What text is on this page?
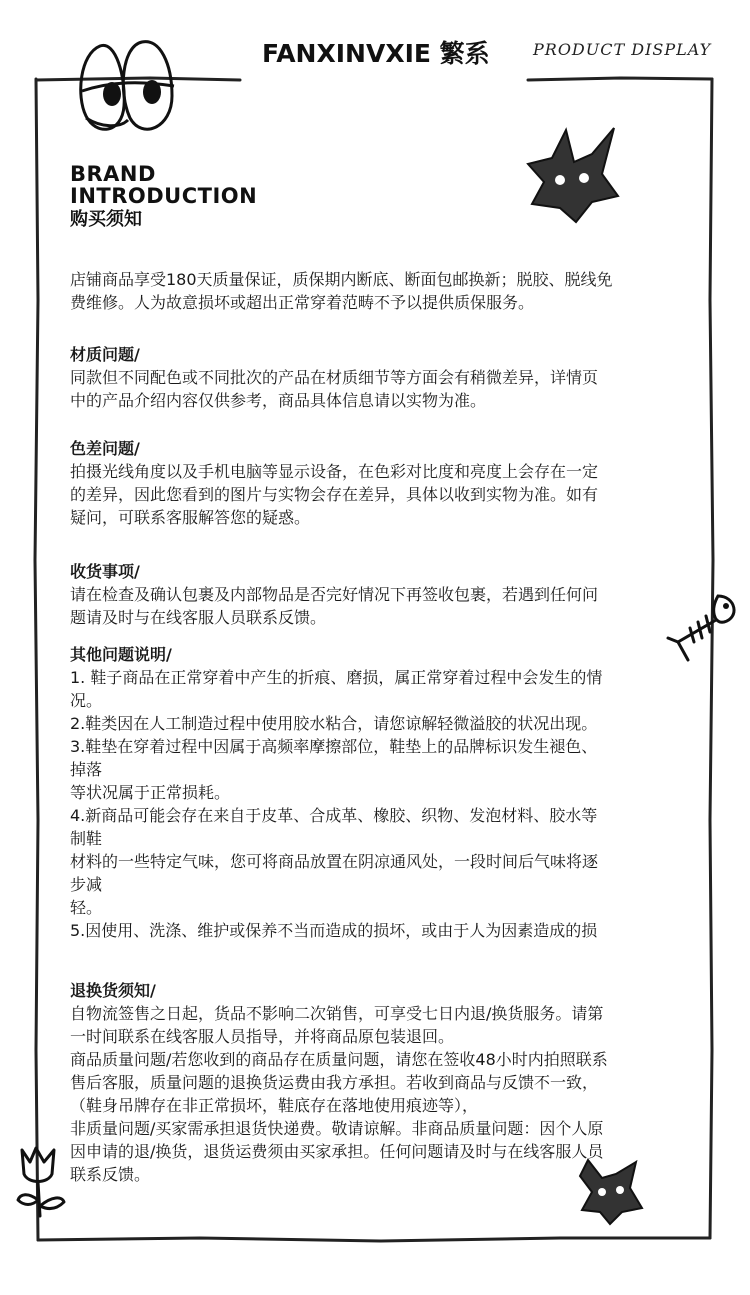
FANXINVXIE 繁系	PRODUCT DISPLAY
BRAND
INTRODUCTION
购买须知
店铺商品享受180天质量保证，质保期内断底、断面包邮换新；脱胶、脱线免
费维修。人为故意损坏或超出正常穿着范畴不予以提供质保服务。
材质问题/
同款但不同配色或不同批次的产品在材质细节等方面会有稍微差异，详情页
中的产品介绍内容仅供参考，商品具体信息请以实物为准。
色差问题/
拍摄光线角度以及手机电脑等显示设备，在色彩对比度和亮度上会存在一定
的差异，因此您看到的图片与实物会存在差异，具体以收到实物为准。如有
疑问，可联系客服解答您的疑惑。
收货事项/
请在检查及确认包裹及内部物品是否完好情况下再签收包裹，若遇到任何问
题请及时与在线客服人员联系反馈。
其他问题说明/
1. 鞋子商品在正常穿着中产生的折痕、磨损，属正常穿着过程中会发生的情
况。
2.鞋类因在人工制造过程中使用胶水粘合，请您谅解轻微溢胶的状况出现。
3.鞋垫在穿着过程中因属于高频率摩擦部位，鞋垫上的品牌标识发生褪色、
掉落
等状况属于正常损耗。
4.新商品可能会存在来自于皮革、合成革、橡胶、织物、发泡材料、胶水等
制鞋
材料的一些特定气味，您可将商品放置在阴凉通风处，一段时间后气味将逐
步减
轻。
5.因使用、洗涤、维护或保养不当而造成的损坏，或由于人为因素造成的损
退换货须知/
自物流签售之日起，货品不影响二次销售，可享受七日内退/换货服务。请第
一时间联系在线客服人员指导，并将商品原包装退回。
商品质量问题/若您收到的商品存在质量问题，请您在签收48小时内拍照联系
售后客服，质量问题的退换货运费由我方承担。若收到商品与反馈不一致，
（鞋身吊牌存在非正常损坏，鞋底存在落地使用痕迹等），
非质量问题/买家需承担退货快递费。敬请谅解。非商品质量问题：因个人原
因申请的退/换货，退货运费须由买家承担。任何问题请及时与在线客服人员
联系反馈。
